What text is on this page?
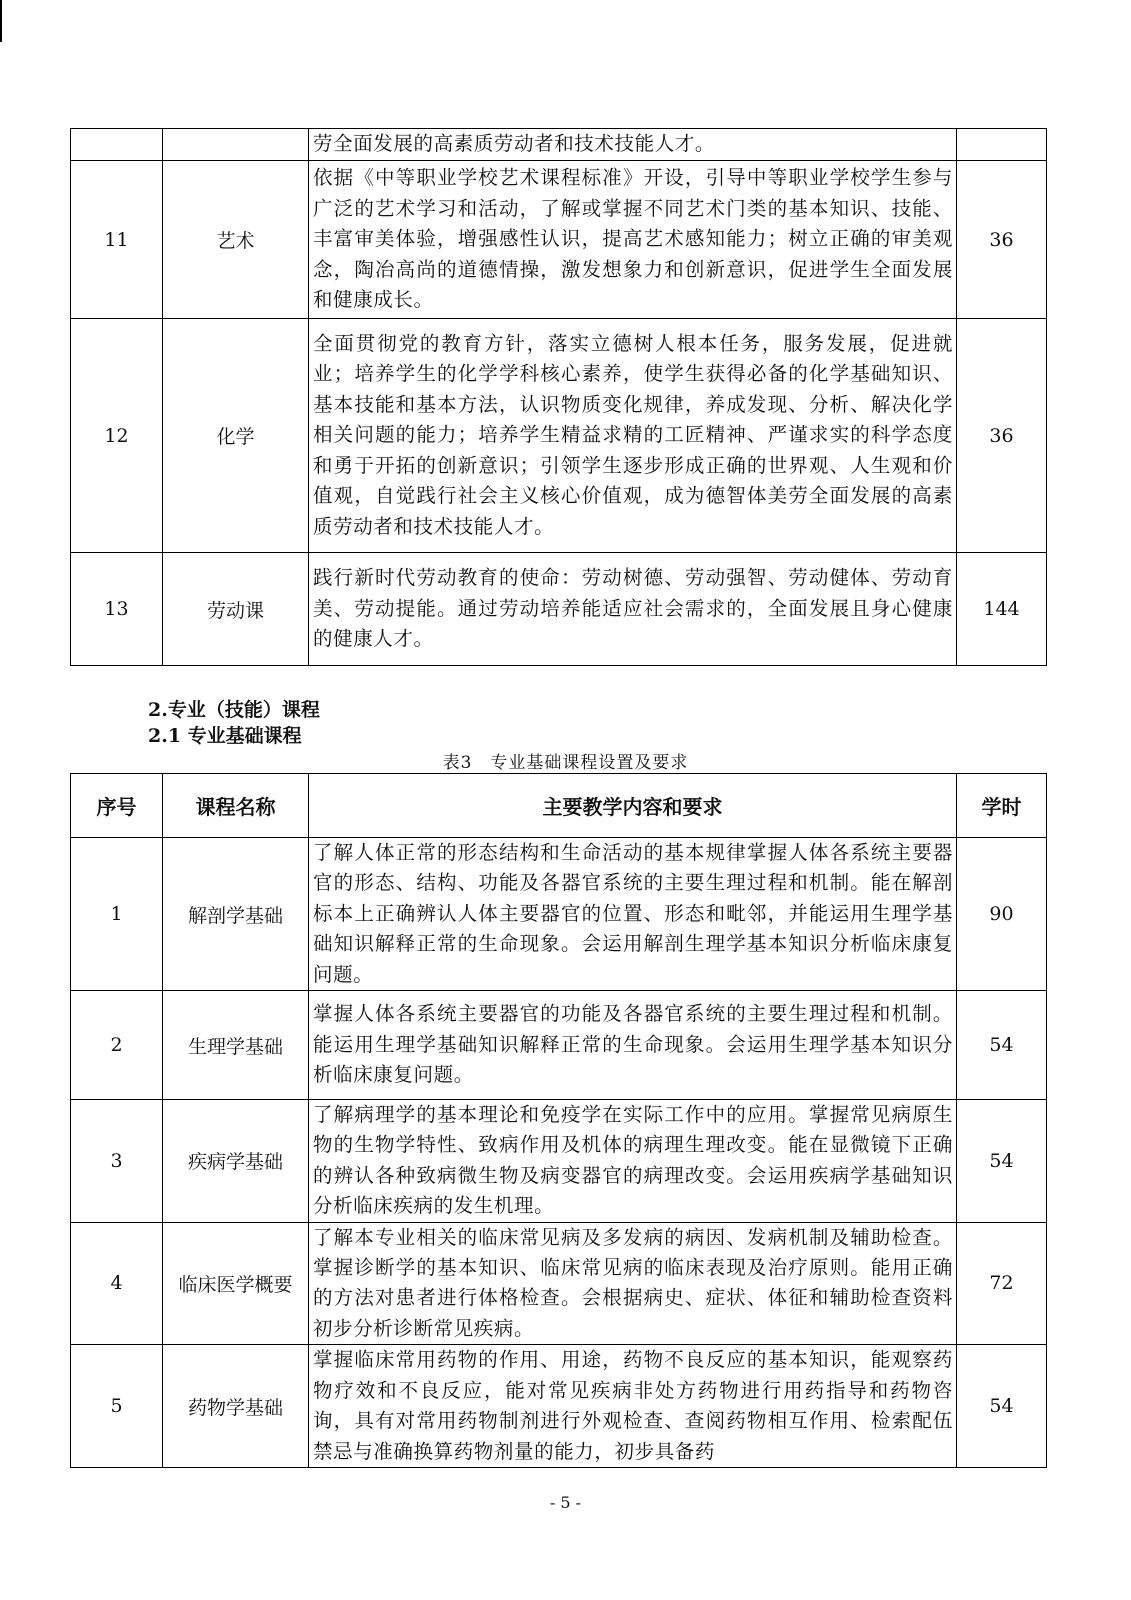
		劳全面发展的高素质劳动者和技术技能人才。	
11	艺术	依据《中等职业学校艺术课程标准》开设，引导中等职业学校学生参与广泛的艺术学习和活动，了解或掌握不同艺术门类的基本知识、技能、丰富审美体验，增强感性认识，提高艺术感知能力；树立正确的审美观念，陶冶高尚的道德情操，激发想象力和创新意识，促进学生全面发展和健康成长。	36
12	化学	全面贯彻党的教育方针，落实立德树人根本任务，服务发展，促进就业；培养学生的化学学科核心素养，使学生获得必备的化学基础知识、基本技能和基本方法，认识物质变化规律，养成发现、分析、解决化学相关问题的能力；培养学生精益求精的工匠精神、严谨求实的科学态度和勇于开拓的创新意识；引领学生逐步形成正确的世界观、人生观和价值观，自觉践行社会主义核心价值观，成为德智体美劳全面发展的高素质劳动者和技术技能人才。	36
13	劳动课	践行新时代劳动教育的使命：劳动树德、劳动强智、劳动健体、劳动育美、劳动提能。通过劳动培养能适应社会需求的，全面发展且身心健康的健康人才。	144
2.专业（技能）课程
2.1 专业基础课程
表3　专业基础课程设置及要求
序号	课程名称	主要教学内容和要求	学时
1	解剖学基础	了解人体正常的形态结构和生命活动的基本规律掌握人体各系统主要器官的形态、结构、功能及各器官系统的主要生理过程和机制。能在解剖标本上正确辨认人体主要器官的位置、形态和毗邻，并能运用生理学基础知识解释正常的生命现象。会运用解剖生理学基本知识分析临床康复问题。	90
2	生理学基础	掌握人体各系统主要器官的功能及各器官系统的主要生理过程和机制。能运用生理学基础知识解释正常的生命现象。会运用生理学基本知识分析临床康复问题。	54
3	疾病学基础	了解病理学的基本理论和免疫学在实际工作中的应用。掌握常见病原生物的生物学特性、致病作用及机体的病理生理改变。能在显微镜下正确的辨认各种致病微生物及病变器官的病理改变。会运用疾病学基础知识分析临床疾病的发生机理。	54
4	临床医学概要	了解本专业相关的临床常见病及多发病的病因、发病机制及辅助检查。掌握诊断学的基本知识、临床常见病的临床表现及治疗原则。能用正确的方法对患者进行体格检查。会根据病史、症状、体征和辅助检查资料初步分析诊断常见疾病。	72
5	药物学基础	掌握临床常用药物的作用、用途，药物不良反应的基本知识，能观察药物疗效和不良反应，能对常见疾病非处方药物进行用药指导和药物咨询，具有对常用药物制剂进行外观检查、查阅药物相互作用、检索配伍禁忌与准确换算药物剂量的能力，初步具备药	54
- 5 -
